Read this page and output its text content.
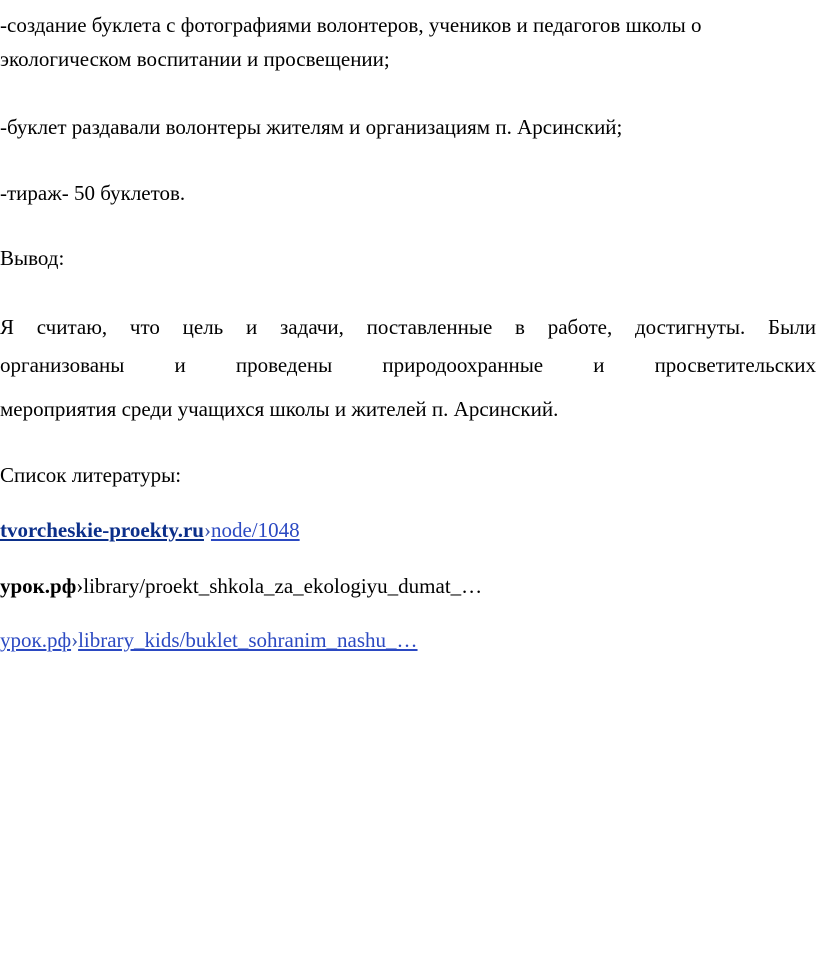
-создание буклета с фотографиями волонтеров, учеников и педагогов школы о
экологическом воспитании и просвещении;
-буклет раздавали волонтеры жителям и организациям п. Арсинский;
-тираж- 50 буклетов.
Вывод:
Я считаю, что цель и задачи, поставленные в работе, достигнуты. Были
организованы и проведены природоохранные и просветительских
мероприятия среди учащихся школы и жителей п. Арсинский.
Список литературы:
tvorcheskie-proekty.ru›node/1048
урок.рф›library/proekt_shkola_za_ekologiyu_dumat_…
урок.рф›library_kids/buklet_sohranim_nashu_…
